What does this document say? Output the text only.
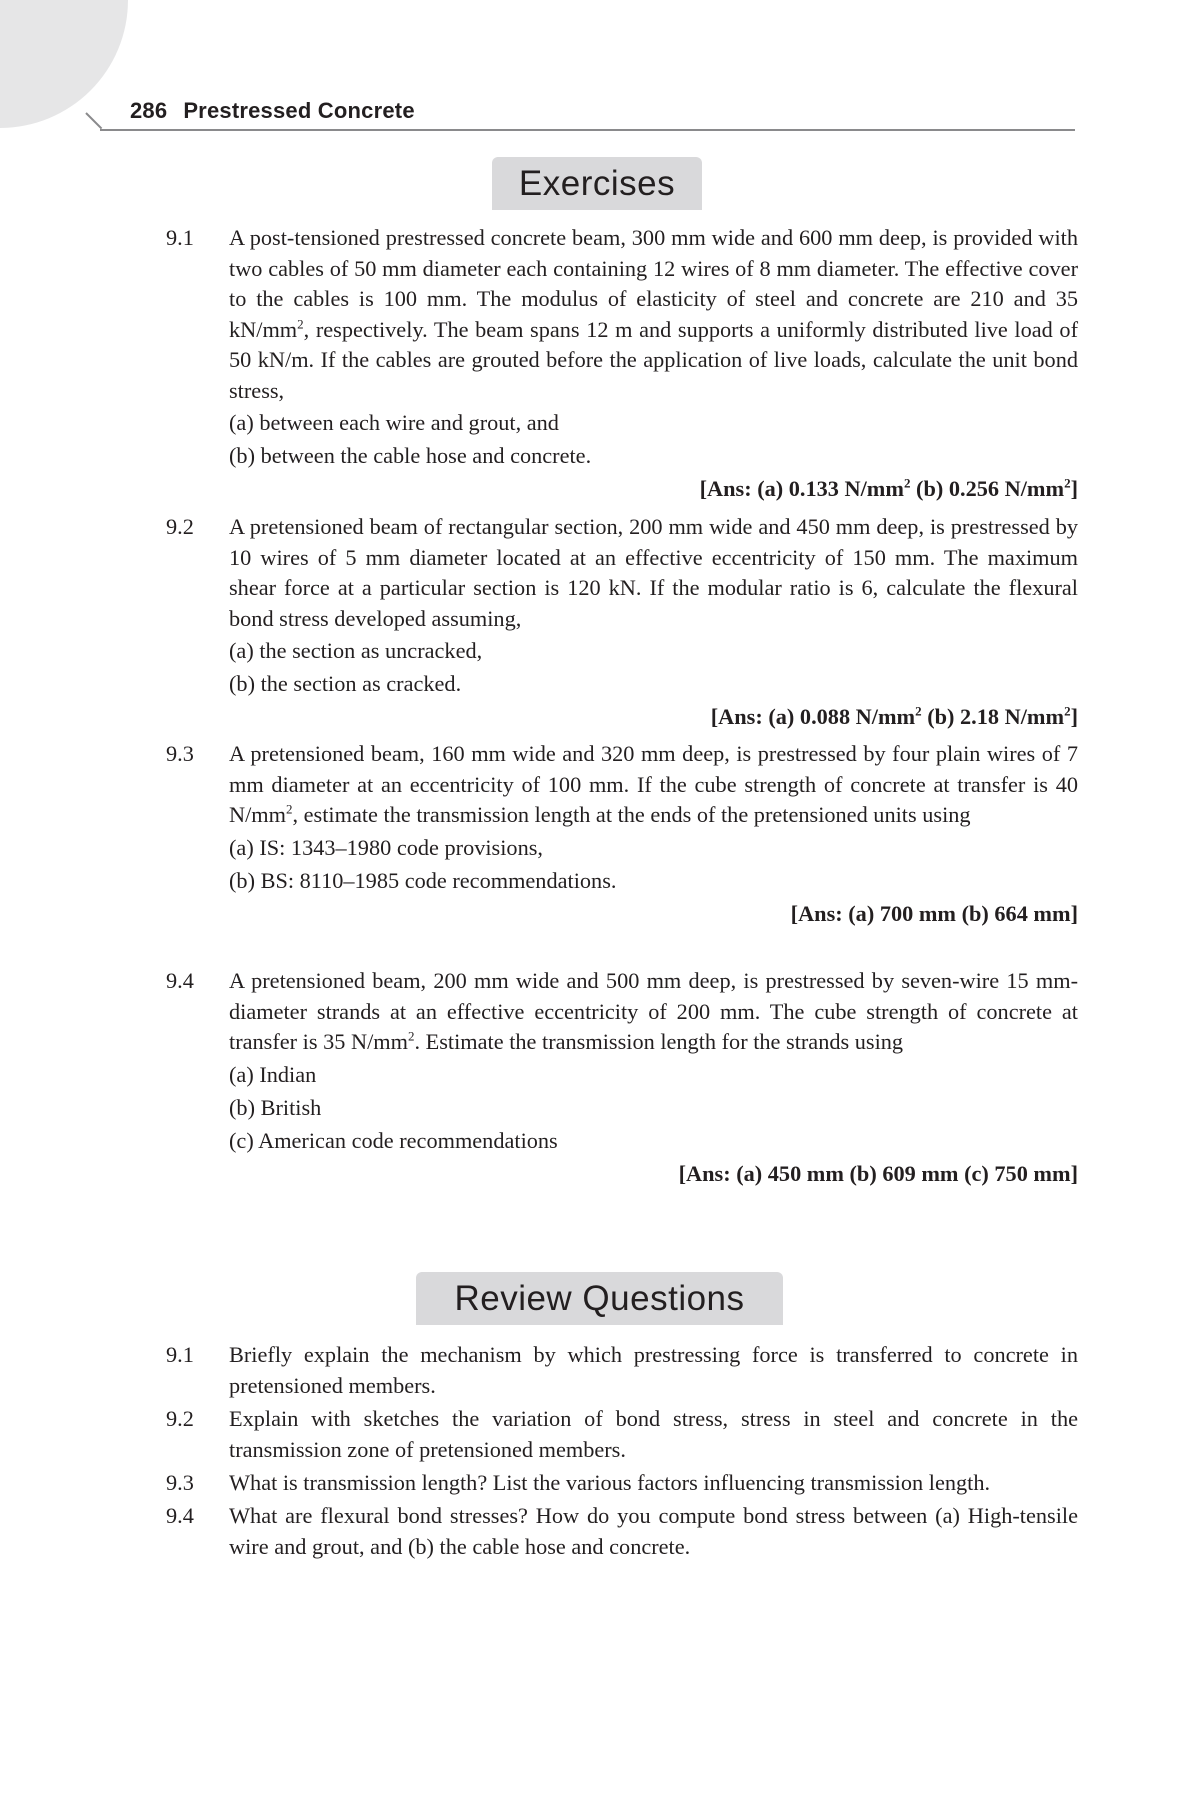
286 Prestressed Concrete
Exercises
9.1 A post-tensioned prestressed concrete beam, 300 mm wide and 600 mm deep, is provided with two cables of 50 mm diameter each containing 12 wires of 8 mm diameter. The effective cover to the cables is 100 mm. The modulus of elasticity of steel and concrete are 210 and 35 $kN/mm^2$, respectively. The beam spans 12 m and supports a uniformly distributed live load of 50 kN/m. If the cables are grouted before the application of live loads, calculate the unit bond stress,
(a) between each wire and grout, and
(b) between the cable hose and concrete.
[Ans: (a) 0.133 $N/mm^2$ (b) 0.256 $N/mm^2$]
9.2 A pretensioned beam of rectangular section, 200 mm wide and 450 mm deep, is prestressed by 10 wires of 5 mm diameter located at an effective eccentricity of 150 mm. The maximum shear force at a particular section is 120 kN. If the modular ratio is 6, calculate the flexural bond stress developed assuming,
(a) the section as uncracked,
(b) the section as cracked.
[Ans: (a) 0.088 $N/mm^2$ (b) 2.18 $N/mm^2$]
9.3 A pretensioned beam, 160 mm wide and 320 mm deep, is prestressed by four plain wires of 7 mm diameter at an eccentricity of 100 mm. If the cube strength of concrete at transfer is 40 $N/mm^2$, estimate the transmission length at the ends of the pretensioned units using
(a) IS: 1343–1980 code provisions,
(b) BS: 8110–1985 code recommendations.
[Ans: (a) 700 mm (b) 664 mm]
9.4 A pretensioned beam, 200 mm wide and 500 mm deep, is prestressed by seven-wire 15 mm-diameter strands at an effective eccentricity of 200 mm. The cube strength of concrete at transfer is 35 $N/mm^2$. Estimate the transmission length for the strands using
(a) Indian
(b) British
(c) American code recommendations
[Ans: (a) 450 mm (b) 609 mm (c) 750 mm]
Review Questions
9.1 Briefly explain the mechanism by which prestressing force is transferred to concrete in pretensioned members.
9.2 Explain with sketches the variation of bond stress, stress in steel and concrete in the transmission zone of pretensioned members.
9.3 What is transmission length? List the various factors influencing transmission length.
9.4 What are flexural bond stresses? How do you compute bond stress between (a) High-tensile wire and grout, and (b) the cable hose and concrete.
